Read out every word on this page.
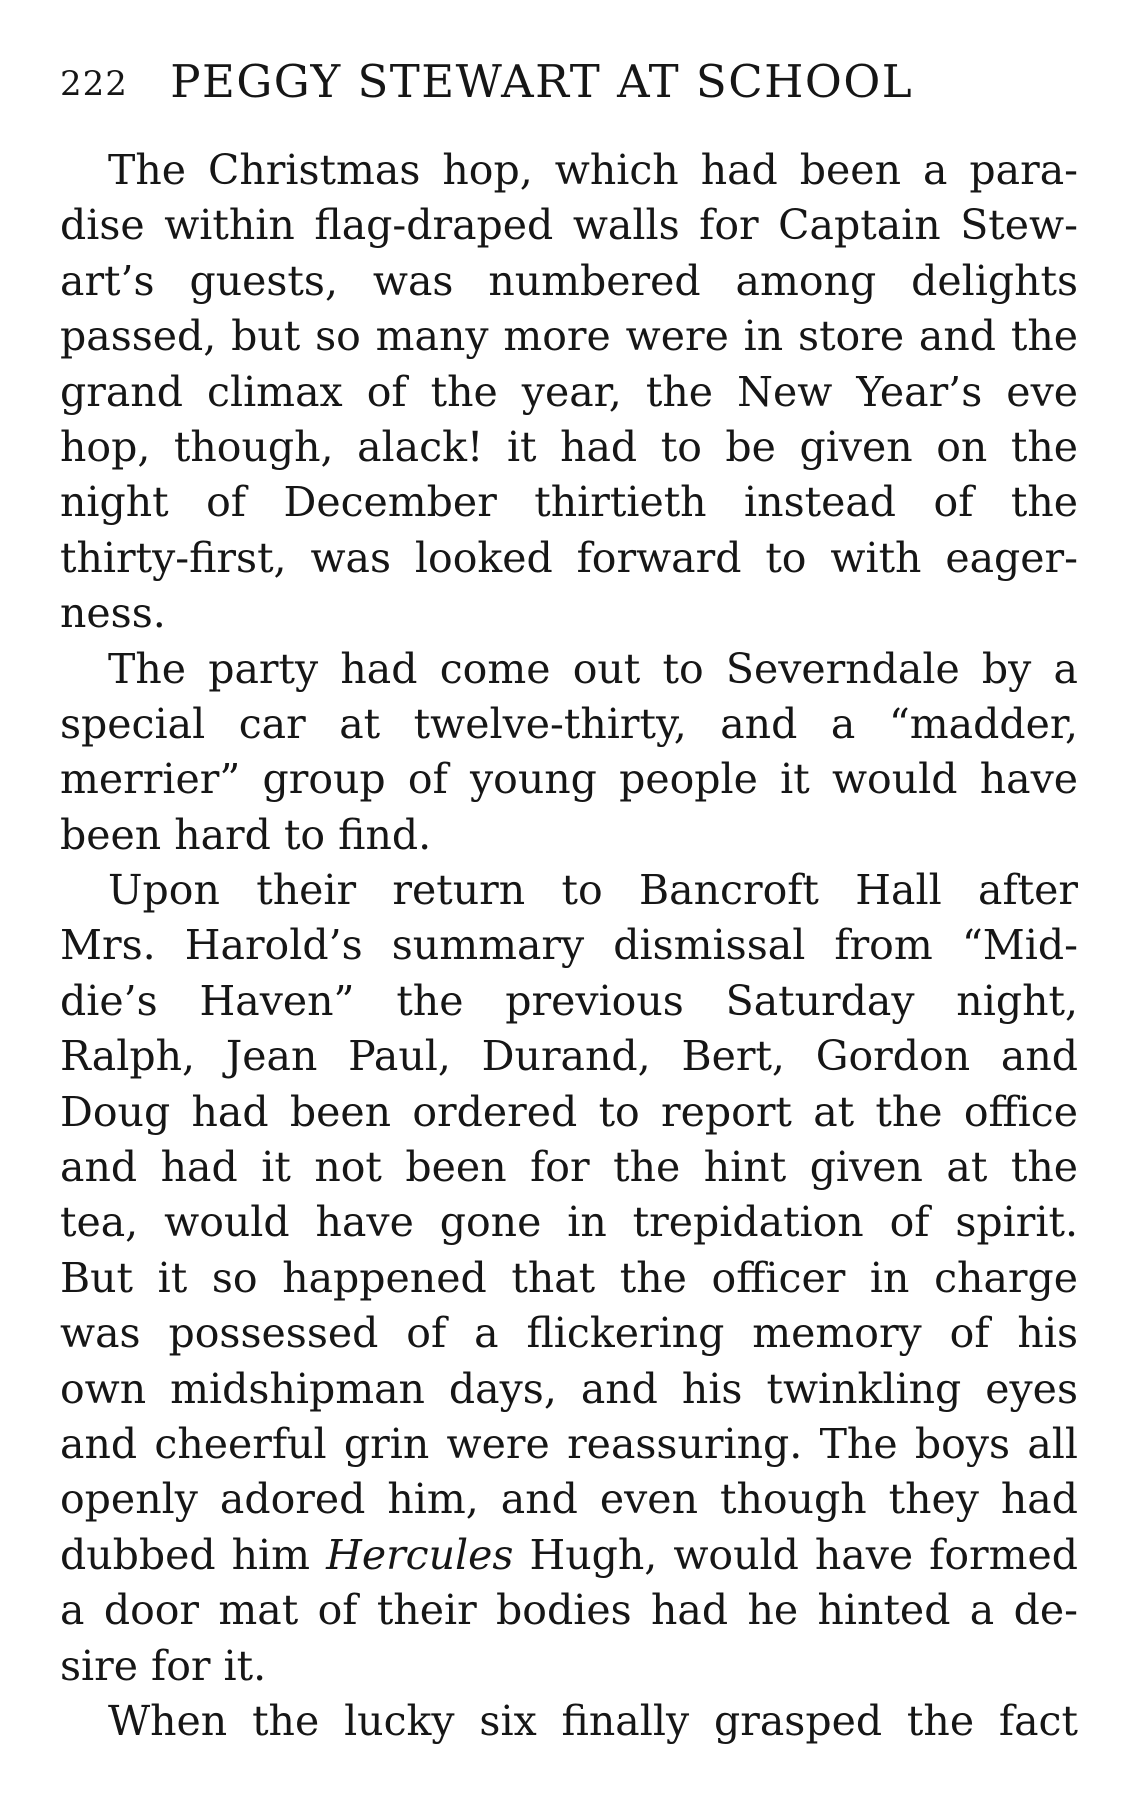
222 PEGGY STEWART AT SCHOOL

The Christmas hop, which had been a para-
dise within flag-draped walls for Captain Stew-
art’s guests, was numbered among delights
passed, but so many more were in store and the
grand climax of the year, the New Year’s eve
hop, though, alack! it had to be given on the
night of December thirtieth instead of the
thirty-first, was looked forward to with eager-
ness.

The party had come out to Severndale by a
special car at twelve-thirty, and a “madder,
merrier” group of young people it would have
been hard to find.

Upon their return to Bancroft Hall after
Mrs. Harold’s summary dismissal from “Mid-
die’s Haven” the previous Saturday night,
Ralph, Jean Paul, Durand, Bert, Gordon and
Doug had been ordered to report at the office
and had it not been for the hint given at the
tea, would have gone in trepidation of spirit.
But it so happened that the officer in charge
was possessed of a flickering memory of his
own midshipman days, and his twinkling eyes
and cheerful grin were reassuring. The boys all
openly adored him, and even though they had
dubbed him Hercules Hugh, would have formed
a door mat of their bodies had he hinted a de-
sire for it.

When the lucky six finally grasped the fact
